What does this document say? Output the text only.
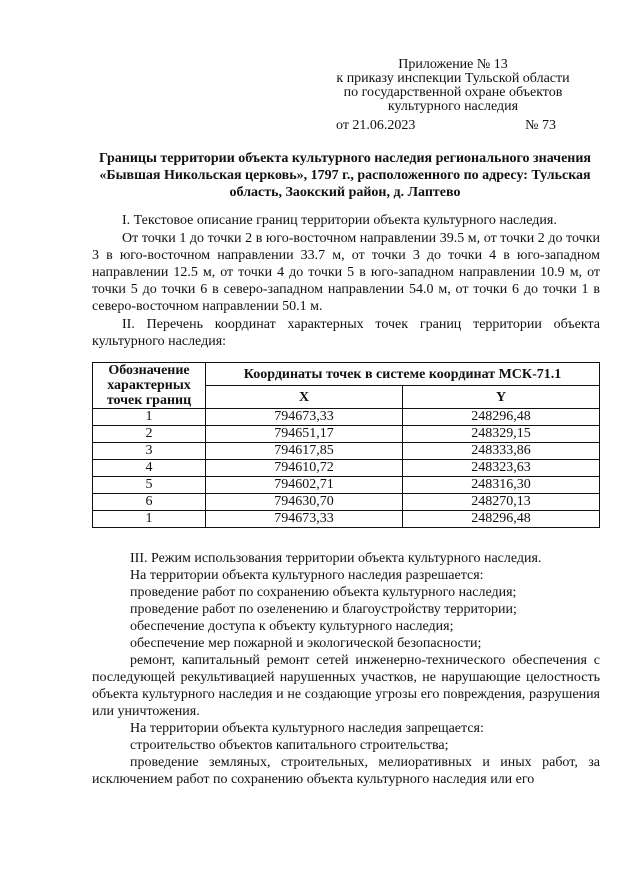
Приложение № 13
к приказу инспекции Тульской области
по государственной охране объектов
культурного наследия
от 21.06.2023	№ 73
Границы территории объекта культурного наследия регионального значения «Бывшая Никольская церковь», 1797 г., расположенного по адресу: Тульская область, Заокский район, д. Лаптево
I. Текстовое описание границ территории объекта культурного наследия.
От точки 1 до точки 2 в юго-восточном направлении 39.5 м, от точки 2 до точки 3 в юго-восточном направлении 33.7 м, от точки 3 до точки 4 в юго-западном направлении 12.5 м, от точки 4 до точки 5 в юго-западном направлении 10.9 м, от точки 5 до точки 6 в северо-западном направлении 54.0 м, от точки 6 до точки 1 в северо-восточном направлении 50.1 м.
II. Перечень координат характерных точек границ территории объекта культурного наследия:
Обозначение характерных точек границ	Координаты точек в системе координат МСК-71.1	
	X	Y
1	794673,33	248296,48
2	794651,17	248329,15
3	794617,85	248333,86
4	794610,72	248323,63
5	794602,71	248316,30
6	794630,70	248270,13
1	794673,33	248296,48

III. Режим использования территории объекта культурного наследия.

На территории объекта культурного наследия разрешается:

проведение работ по сохранению объекта культурного наследия;

проведение работ по озеленению и благоустройству территории;

обеспечение доступа к объекту культурного наследия;

обеспечение мер пожарной и экологической безопасности;

ремонт, капитальный ремонт сетей инженерно-технического обеспечения с последующей рекультивацией нарушенных участков, не нарушающие целостность объекта культурного наследия и не создающие угрозы его повреждения, разрушения или уничтожения.

На территории объекта культурного наследия запрещается:

строительство объектов капитального строительства;

проведение земляных, строительных, мелиоративных и иных работ, за исключением работ по сохранению объекта культурного наследия или его
